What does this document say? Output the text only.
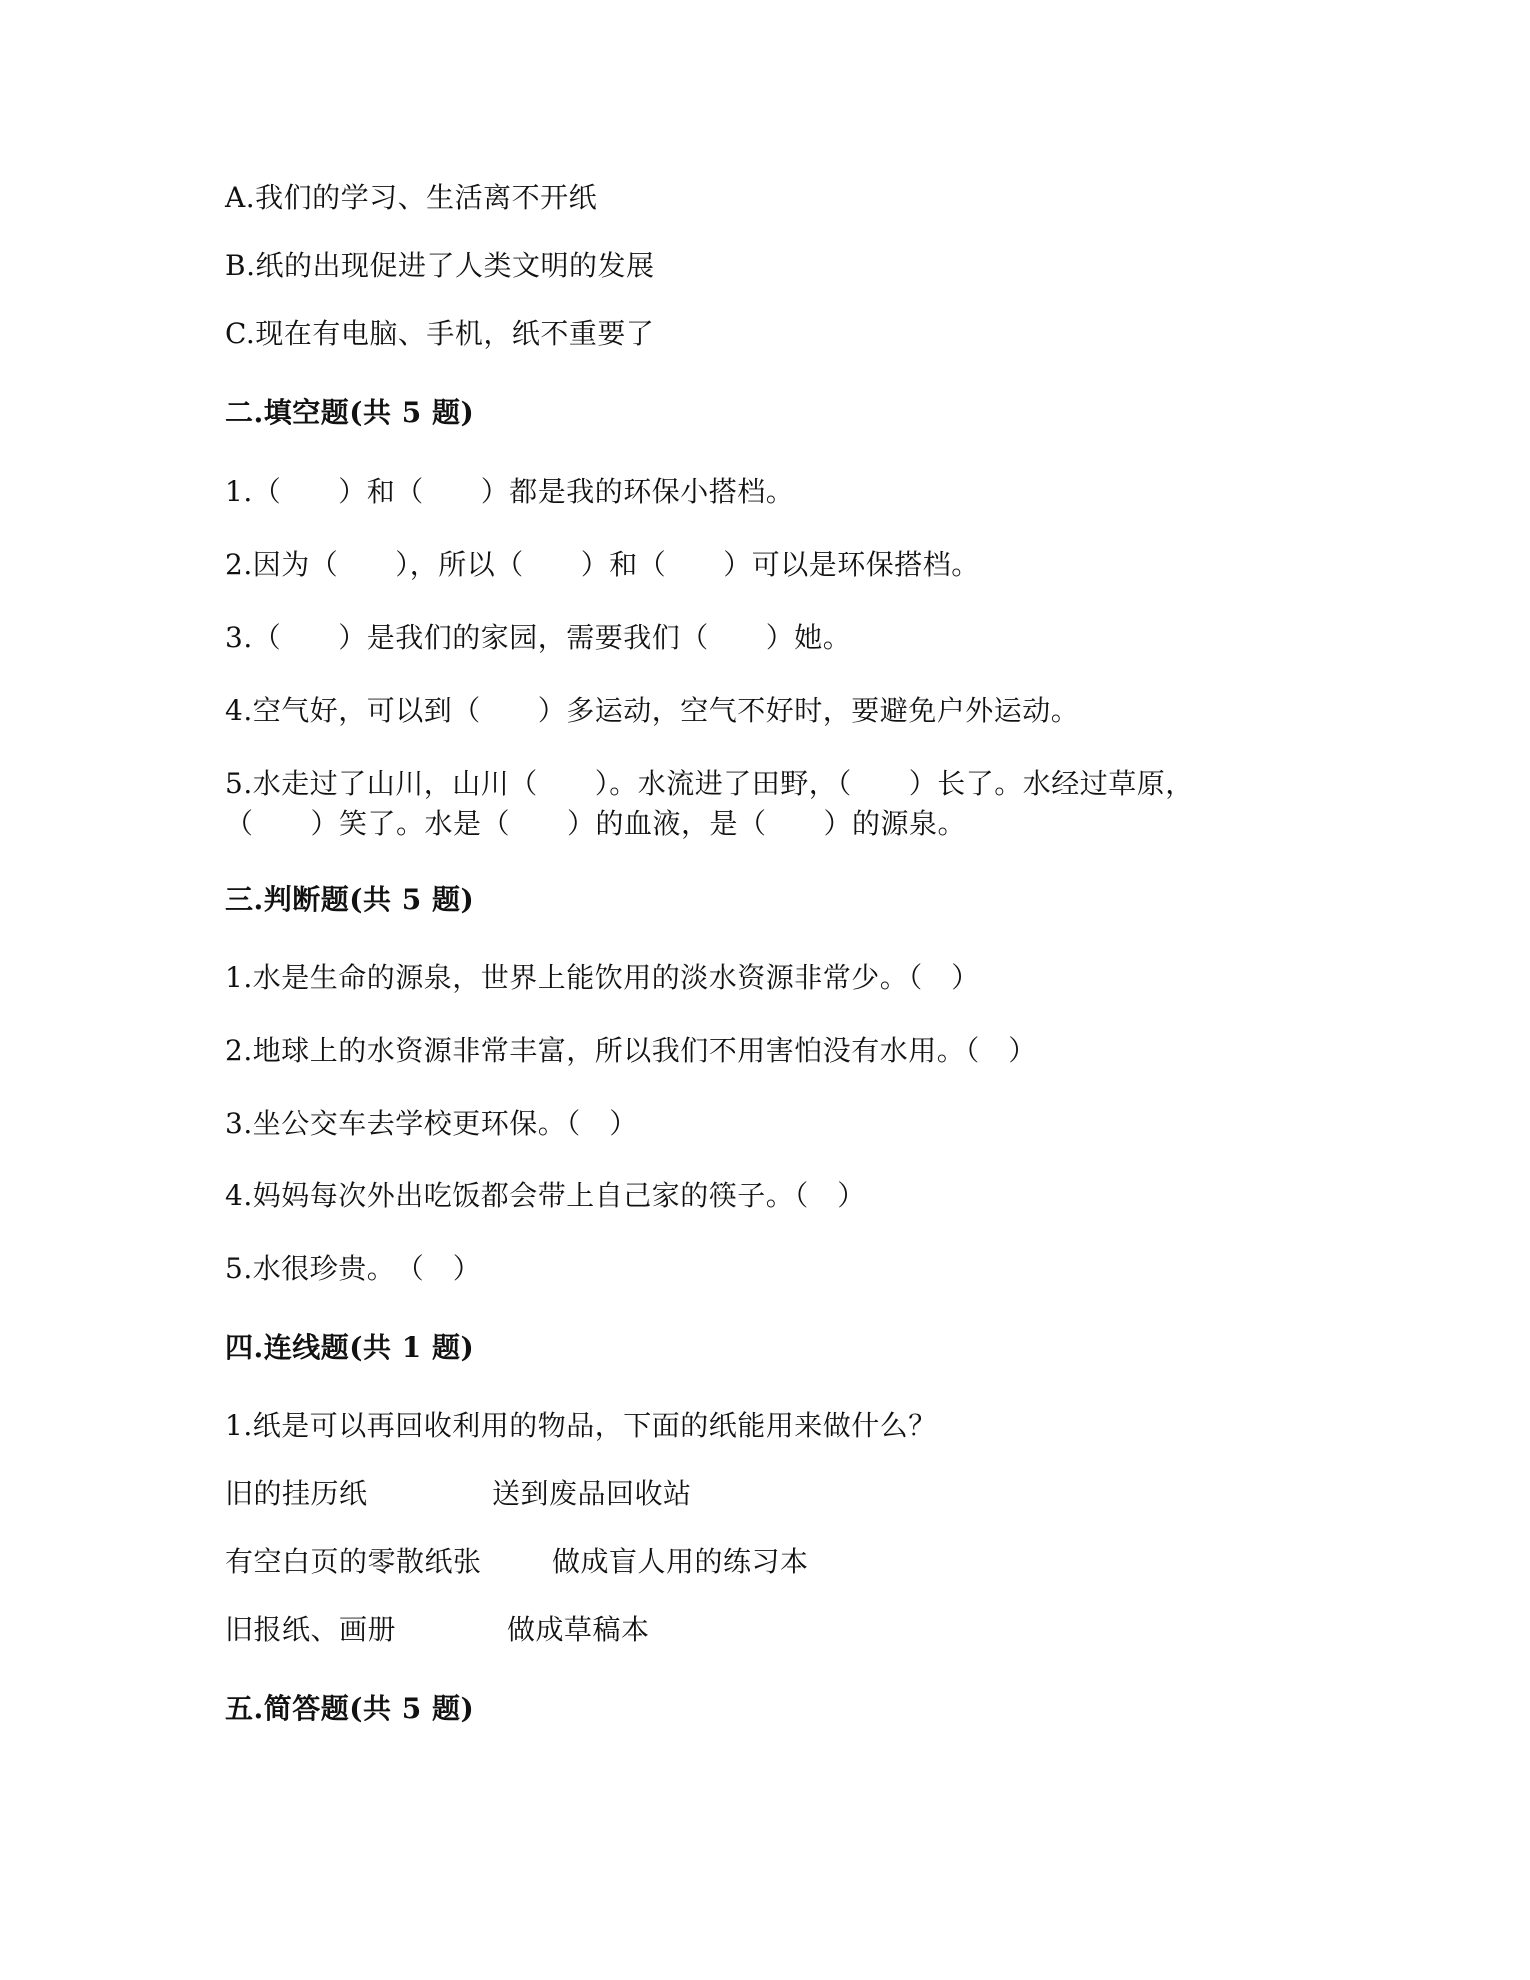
A.我们的学习、生活离不开纸
B.纸的出现促进了人类文明的发展
C.现在有电脑、手机，纸不重要了
二.填空题(共 5 题)
1.（　　）和（　　）都是我的环保小搭档。
2.因为（　　），所以（　　）和（　　）可以是环保搭档。
3.（　　）是我们的家园，需要我们（　　）她。
4.空气好，可以到（　　）多运动，空气不好时，要避免户外运动。
5.水走过了山川，山川（　　）。水流进了田野，（　　）长了。水经过草原，
（　　）笑了。水是（　　）的血液，是（　　）的源泉。
三.判断题(共 5 题)
1.水是生命的源泉，世界上能饮用的淡水资源非常少。（　）
2.地球上的水资源非常丰富，所以我们不用害怕没有水用。（　）
3.坐公交车去学校更环保。（　）
4.妈妈每次外出吃饭都会带上自己家的筷子。（　）
5.水很珍贵。　（　）
四.连线题(共 1 题)
1.纸是可以再回收利用的物品，下面的纸能用来做什么？
旧的挂历纸	送到废品回收站
有空白页的零散纸张	做成盲人用的练习本
旧报纸、画册	做成草稿本
五.简答题(共 5 题)
